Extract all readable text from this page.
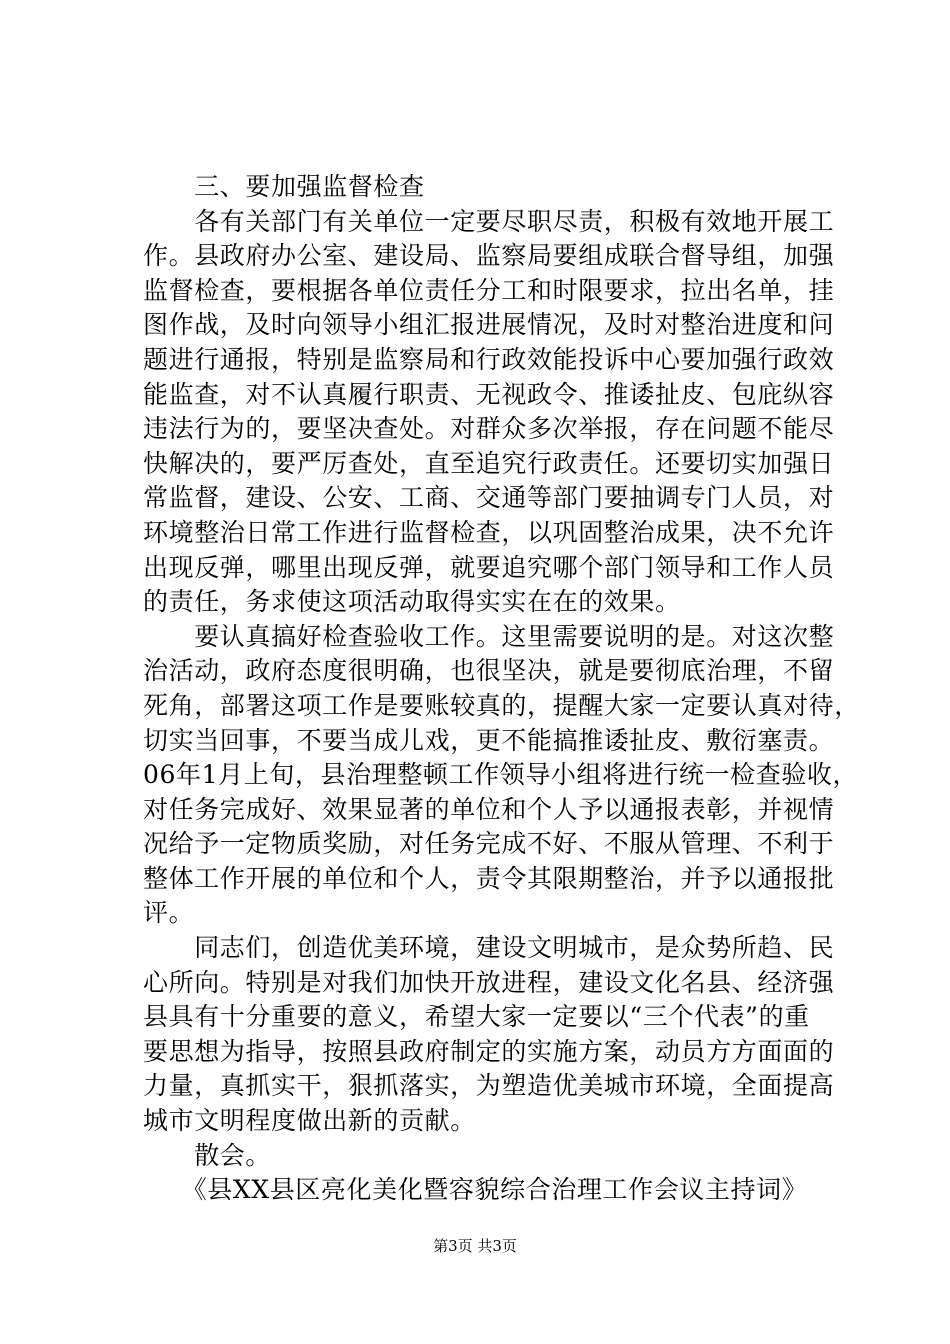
　　三、要加强监督检查
　　各有关部门有关单位一定要尽职尽责，积极有效地开展工
作。县政府办公室、建设局、监察局要组成联合督导组，加强
监督检查，要根据各单位责任分工和时限要求，拉出名单，挂
图作战，及时向领导小组汇报进展情况，及时对整治进度和问
题进行通报，特别是监察局和行政效能投诉中心要加强行政效
能监查，对不认真履行职责、无视政令、推诿扯皮、包庇纵容
违法行为的，要坚决查处。对群众多次举报，存在问题不能尽
快解决的，要严厉查处，直至追究行政责任。还要切实加强日
常监督，建设、公安、工商、交通等部门要抽调专门人员，对
环境整治日常工作进行监督检查，以巩固整治成果，决不允许
出现反弹，哪里出现反弹，就要追究哪个部门领导和工作人员
的责任，务求使这项活动取得实实在在的效果。
　　要认真搞好检查验收工作。这里需要说明的是。对这次整
治活动，政府态度很明确，也很坚决，就是要彻底治理，不留
死角，部署这项工作是要账较真的，提醒大家一定要认真对待，
切实当回事，不要当成儿戏，更不能搞推诿扯皮、敷衍塞责。
06年1月上旬，县治理整顿工作领导小组将进行统一检查验收，
对任务完成好、效果显著的单位和个人予以通报表彰，并视情
况给予一定物质奖励，对任务完成不好、不服从管理、不利于
整体工作开展的单位和个人，责令其限期整治，并予以通报批
评。
　　同志们，创造优美环境，建设文明城市，是众势所趋、民
心所向。特别是对我们加快开放进程，建设文化名县、经济强
县具有十分重要的意义，希望大家一定要以“三个代表”的重
要思想为指导，按照县政府制定的实施方案，动员方方面面的
力量，真抓实干，狠抓落实，为塑造优美城市环境，全面提高
城市文明程度做出新的贡献。
　　散会。
　　《县XX县区亮化美化暨容貌综合治理工作会议主持词》
第3页 共3页
